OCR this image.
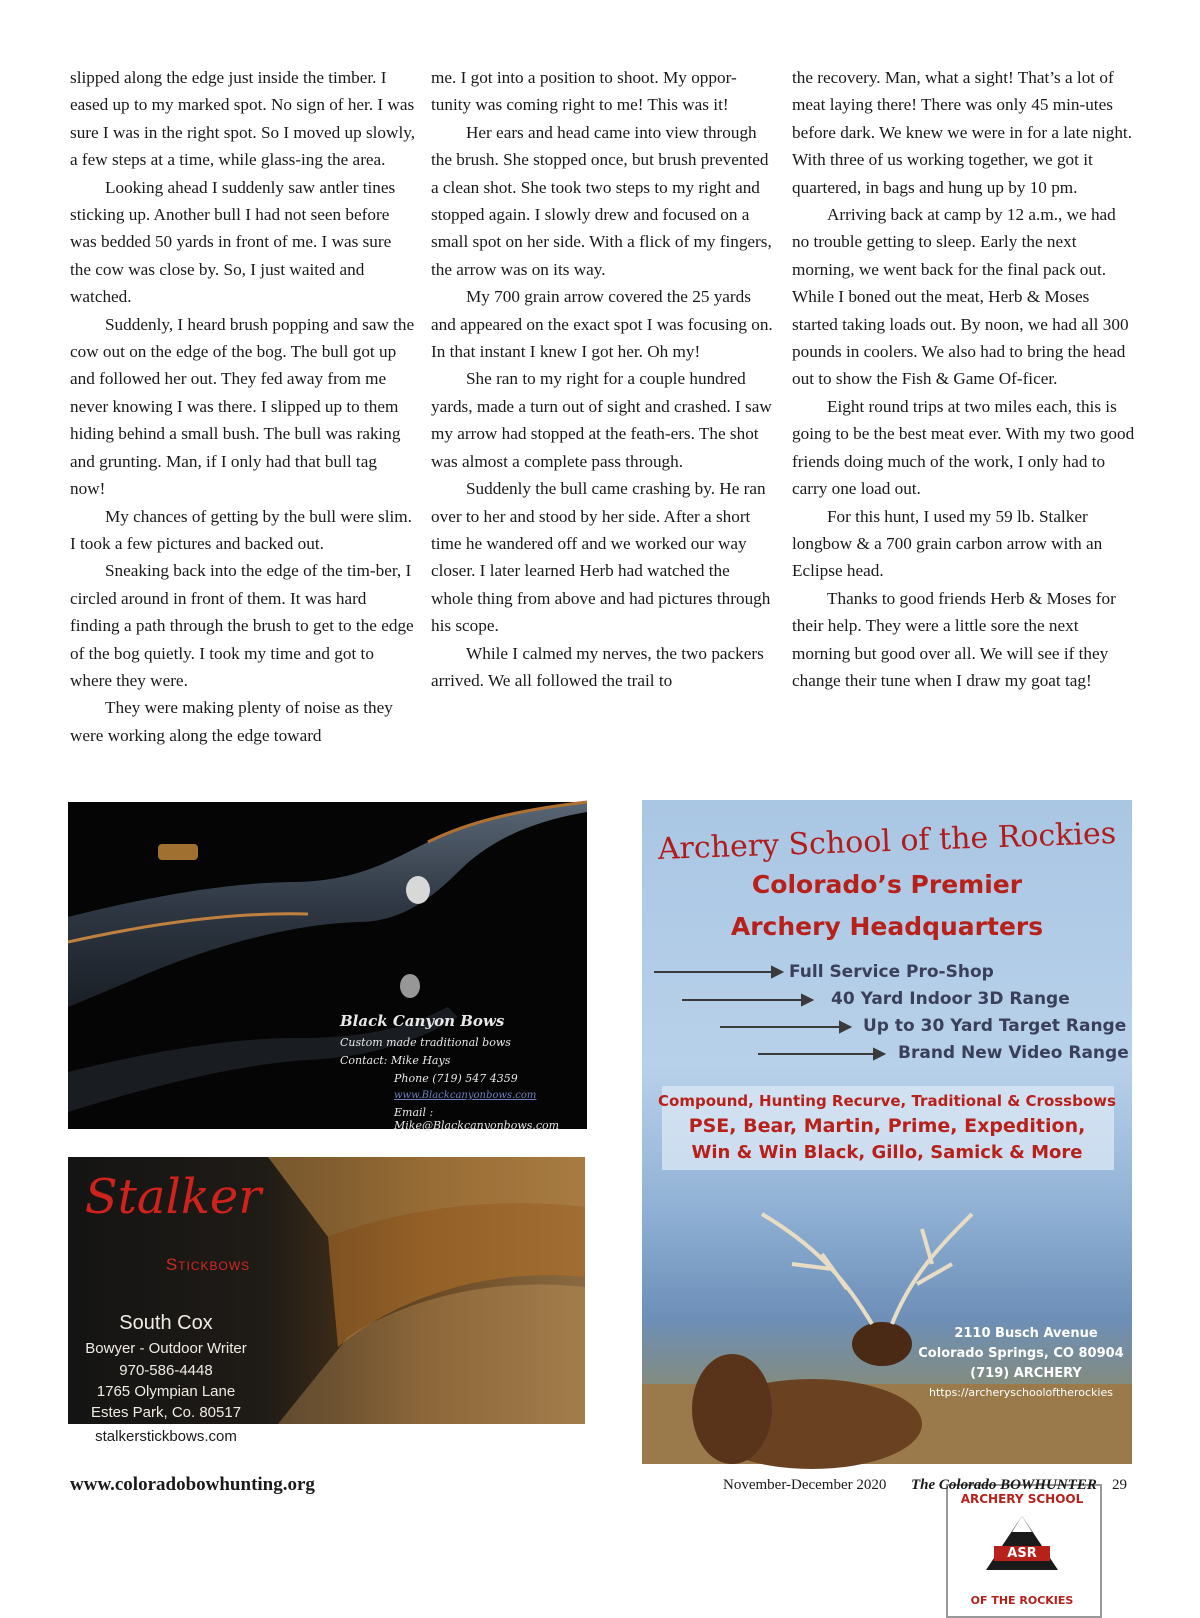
slipped along the edge just inside the timber. I eased up to my marked spot. No sign of her. I was sure I was in the right spot. So I moved up slowly, a few steps at a time, while glass-ing the area.

Looking ahead I suddenly saw antler tines sticking up. Another bull I had not seen before was bedded 50 yards in front of me. I was sure the cow was close by. So, I just waited and watched.

Suddenly, I heard brush popping and saw the cow out on the edge of the bog. The bull got up and followed her out. They fed away from me never knowing I was there. I slipped up to them hiding behind a small bush. The bull was raking and grunting. Man, if I only had that bull tag now!

My chances of getting by the bull were slim. I took a few pictures and backed out.

Sneaking back into the edge of the tim-ber, I circled around in front of them. It was hard finding a path through the brush to get to the edge of the bog quietly. I took my time and got to where they were.

They were making plenty of noise as they were working along the edge toward

me. I got into a position to shoot. My oppor-tunity was coming right to me! This was it!

Her ears and head came into view through the brush. She stopped once, but brush prevented a clean shot. She took two steps to my right and stopped again. I slowly drew and focused on a small spot on her side. With a flick of my fingers, the arrow was on its way.

My 700 grain arrow covered the 25 yards and appeared on the exact spot I was focusing on. In that instant I knew I got her. Oh my!

She ran to my right for a couple hundred yards, made a turn out of sight and crashed. I saw my arrow had stopped at the feath-ers. The shot was almost a complete pass through.

Suddenly the bull came crashing by. He ran over to her and stood by her side. After a short time he wandered off and we worked our way closer. I later learned Herb had watched the whole thing from above and had pictures through his scope.

While I calmed my nerves, the two packers arrived. We all followed the trail to

the recovery. Man, what a sight! That’s a lot of meat laying there! There was only 45 min-utes before dark. We knew we were in for a late night. With three of us working together, we got it quartered, in bags and hung up by 10 pm.

Arriving back at camp by 12 a.m., we had no trouble getting to sleep. Early the next morning, we went back for the final pack out. While I boned out the meat, Herb & Moses started taking loads out. By noon, we had all 300 pounds in coolers. We also had to bring the head out to show the Fish & Game Of-ficer.

Eight round trips at two miles each, this is going to be the best meat ever. With my two good friends doing much of the work, I only had to carry one load out.

For this hunt, I used my 59 lb. Stalker longbow & a 700 grain carbon arrow with an Eclipse head.

Thanks to good friends Herb & Moses for their help. They were a little sore the next morning but good over all. We will see if they change their tune when I draw my goat tag!

Black Canyon Bows
Custom made traditional bows
Contact: Mike Hays
Phone (719) 547 4359
www.Blackcanyonbows.com
Email : Mike@Blackcanyonbows.com
Stalker
Stickbows
South Cox
Bowyer - Outdoor Writer
970-586-4448
1765 Olympian Lane
Estes Park, Co. 80517
stalkerstickbows.com
Archery School of the Rockies
Colorado’s Premier
Archery Headquarters
Full Service Pro-Shop
40 Yard Indoor 3D Range
Up to 30 Yard Target Range
Brand New Video Range
Compound, Hunting Recurve, Traditional & Crossbows
PSE, Bear, Martin, Prime, Expedition,
Win & Win Black, Gillo, Samick & More
ARCHERY SCHOOL
ASR
OF THE ROCKIES
2110 Busch Avenue
Colorado Springs, CO 80904
(719) ARCHERY
https://archeryschooloftherockies
www.coloradobowhunting.org	November-December 2020 The Colorado BOWHUNTER 29
